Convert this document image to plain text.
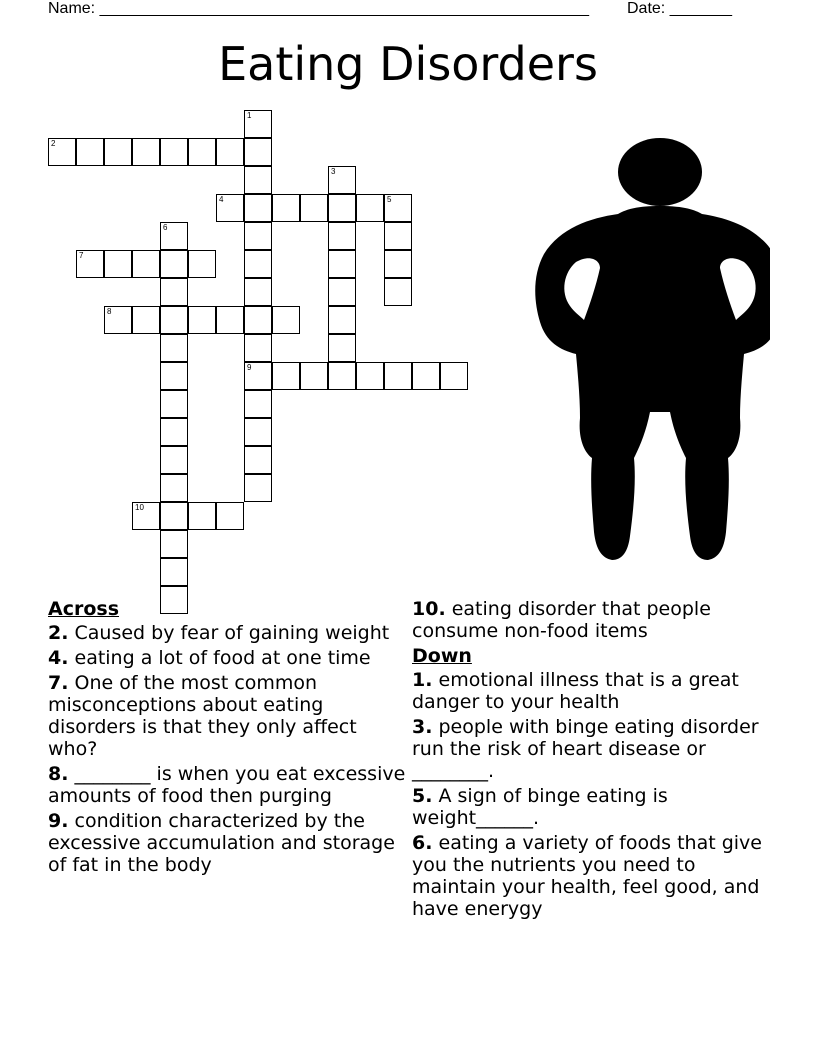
Name: _______________________________________________________ Date: _______
Eating Disorders
1
9
2
3
4	5
6
7
8
10
Across
2. Caused by fear of gaining weight
4. eating a lot of food at one time
7. One of the most common misconceptions about eating disorders is that they only affect who?
8. ________ is when you eat excessive amounts of food then purging
9. condition characterized by the excessive accumulation and storage of fat in the body
10. eating disorder that people consume non-food items
Down
1. emotional illness that is a great danger to your health
3. people with binge eating disorder run the risk of heart disease or ________.
5. A sign of binge eating is weight______.
6. eating a variety of foods that give you the nutrients you need to maintain your health, feel good, and have enerygy
